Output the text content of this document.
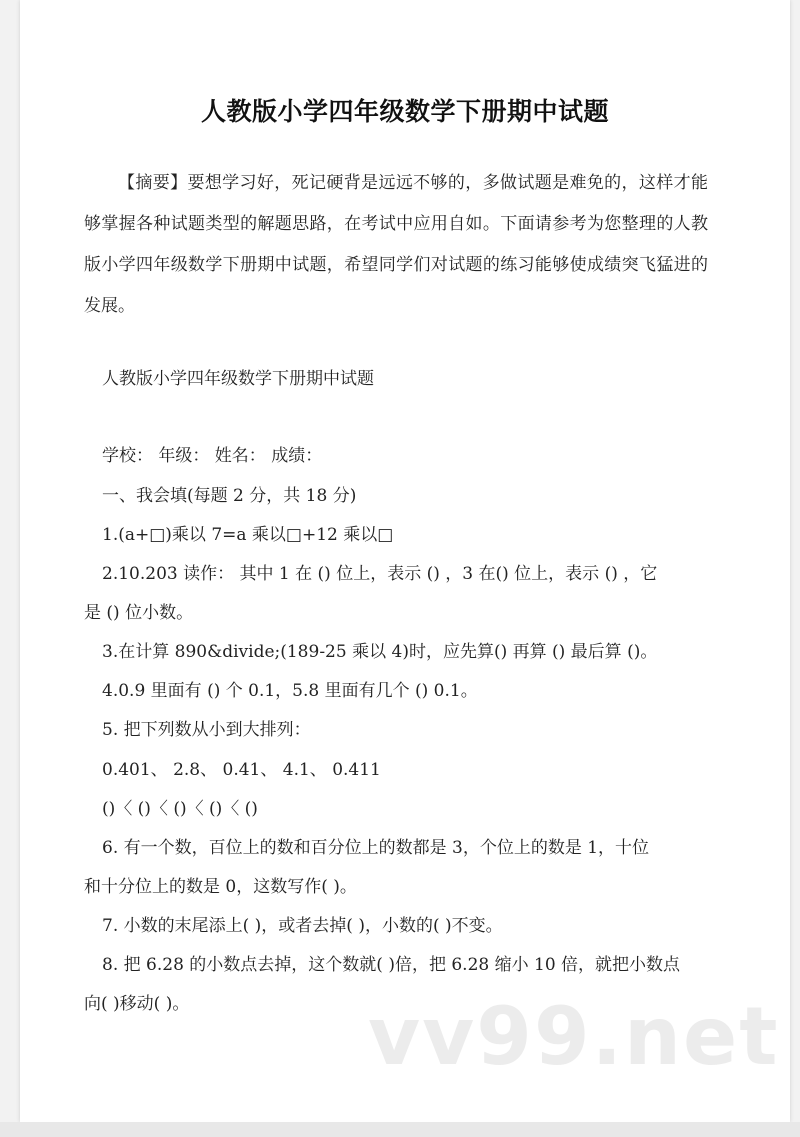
人教版小学四年级数学下册期中试题
【摘要】要想学习好，死记硬背是远远不够的，多做试题是难免的，这样才能够掌握各种试题类型的解题思路，在考试中应用自如。下面请参考为您整理的人教版小学四年级数学下册期中试题，希望同学们对试题的练习能够使成绩突飞猛进的发展。
人教版小学四年级数学下册期中试题
学校： 年级： 姓名： 成绩：
一、我会填(每题 2 分，共 18 分)
1.(a+□)乘以 7=a 乘以□+12 乘以□
2.10.203 读作： 其中 1 在 () 位上，表示 () ，3 在() 位上，表示 () ，它
是 () 位小数。
3.在计算 890&divide;(189-25 乘以 4)时，应先算() 再算 () 最后算 ()。
4.0.9 里面有 () 个 0.1，5.8 里面有几个 () 0.1。
5. 把下列数从小到大排列：
0.401、 2.8、 0.41、 4.1、 0.411
()〈 ()〈 ()〈 ()〈 ()
6. 有一个数，百位上的数和百分位上的数都是 3，个位上的数是 1，十位
和十分位上的数是 0，这数写作( )。
7. 小数的末尾添上( )，或者去掉( )，小数的( )不变。
8. 把 6.28 的小数点去掉，这个数就( )倍，把 6.28 缩小 10 倍，就把小数点
向( )移动( )。 vv99.net
